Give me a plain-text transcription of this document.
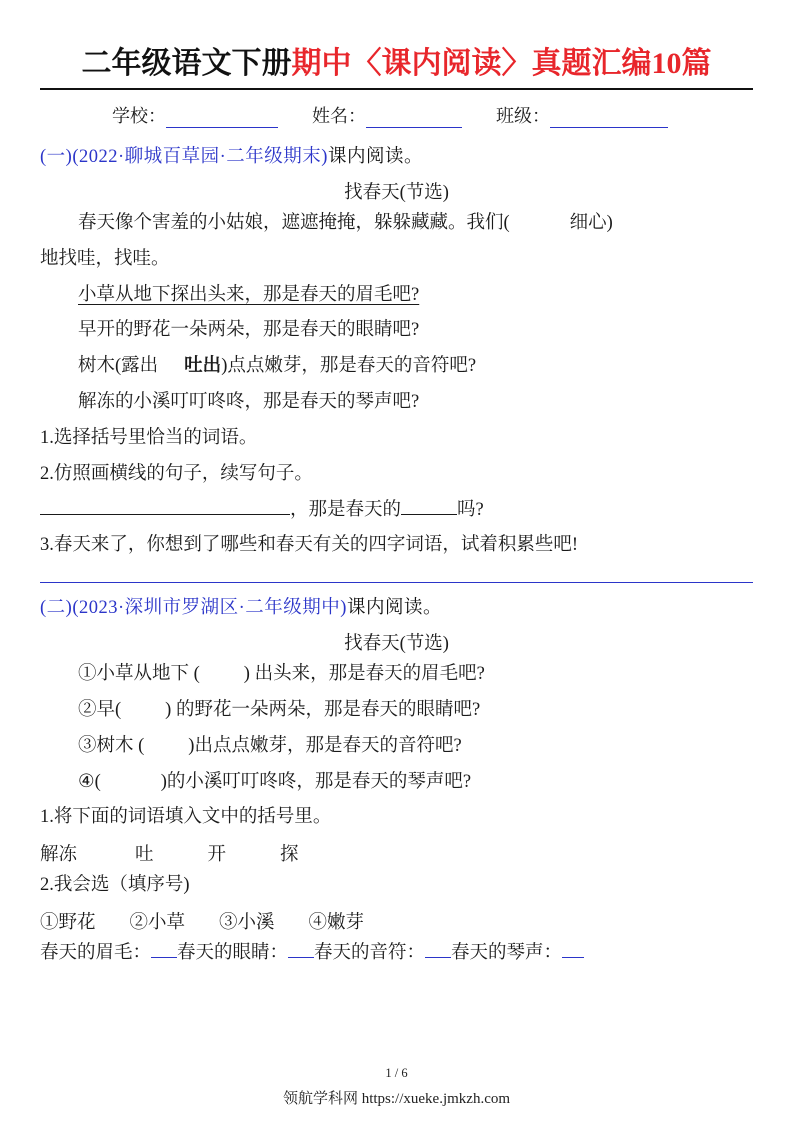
二年级语文下册 期中〈课内阅读〉真题汇编10篇
学校：	姓名：	班级：
(一)(2022·聊城百草园·二年级期末)课内阅读。
找春天(节选)

春天像个害羞的小姑娘，遮遮掩掩，躲躲藏藏。我们(	细心)

地找哇，找哇。

小草从地下探出头来，那是春天的眉毛吧?

早开的野花一朵两朵，那是春天的眼睛吧?

树木(露出 吐出)点点嫩芽，那是春天的音符吧?

解冻的小溪叮叮咚咚，那是春天的琴声吧?

1.选择括号里恰当的词语。

2.仿照画横线的句子，续写句子。

，那是春天的	吗?

3.春天来了，你想到了哪些和春天有关的四字词语，试着积累些吧!

(二)(2023·深圳市罗湖区·二年级期中)课内阅读。
找春天(节选)

①小草从地下 ( ) 出头来，那是春天的眉毛吧?

②早( ) 的野花一朵两朵，那是春天的眼睛吧?

③树木 ( )出点点嫩芽，那是春天的音符吧?

④(	)的小溪叮叮咚咚，那是春天的琴声吧?

1.将下面的词语填入文中的括号里。

解冻	吐	开	探

2.我会选（填序号)

①野花 ②小草 ③小溪 ④嫩芽
春天的眉毛： 春天的眼睛： 春天的音符： 春天的琴声：
1 / 6
领航学科网 https://xueke.jmkzh.com
